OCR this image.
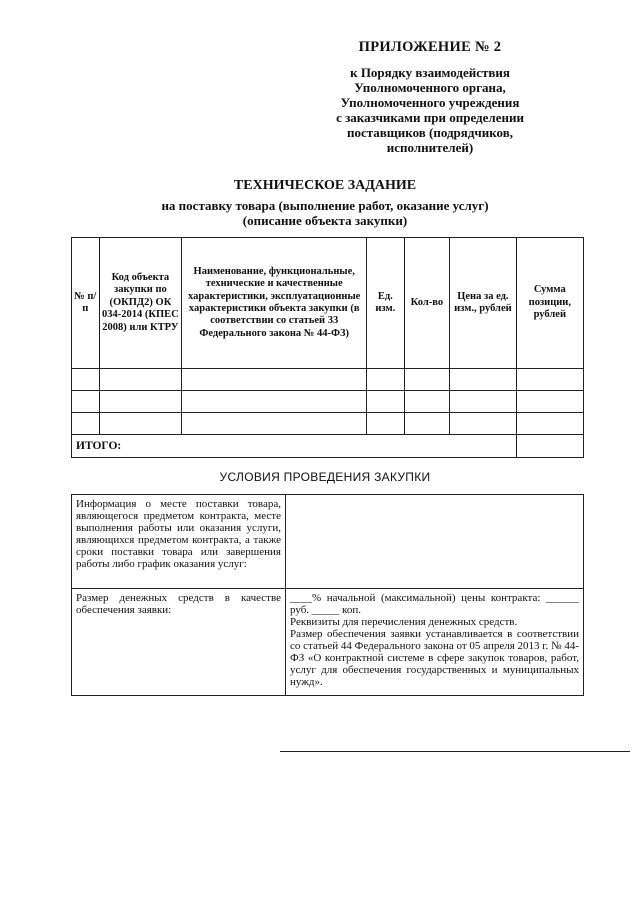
ПРИЛОЖЕНИЕ № 2
к Порядку взаимодействия
Уполномоченного органа,
Уполномоченного учреждения
с заказчиками при определении
поставщиков (подрядчиков,
исполнителей)
ТЕХНИЧЕСКОЕ ЗАДАНИЕ
на поставку товара (выполнение работ, оказание услуг)
(описание объекта закупки)
№ п/п	Код объекта закупки по (ОКПД2) ОК 034-2014 (КПЕС 2008) или КТРУ	Наименование, функциональные, технические и качественные характеристики, эксплуатационные характеристики объекта закупки (в соответствии со статьей 33 Федерального закона № 44-ФЗ)	Ед. изм.	Кол-во	Цена за ед. изм., рублей	Сумма позиции, рублей

ИТОГО:						
УСЛОВИЯ ПРОВЕДЕНИЯ ЗАКУПКИ
Информация о месте поставки товара, являющегося предметом контракта, месте выполнения работы или оказания услуги, являющихся предметом контракта, а также сроки поставки товара или завершения работы либо график оказания услуг:	
Размер денежных средств в качестве обеспечения заявки:	____% начальной (максимальной) цены контракта: ______ руб. _____ коп.

Реквизиты для перечисления денежных средств.

Размер обеспечения заявки устанавливается в соответствии со статьей 44 Федерального закона от 05 апреля 2013 г. № 44-ФЗ «О контрактной системе в сфере закупок товаров, работ, услуг для обеспечения государственных и муниципальных нужд».
